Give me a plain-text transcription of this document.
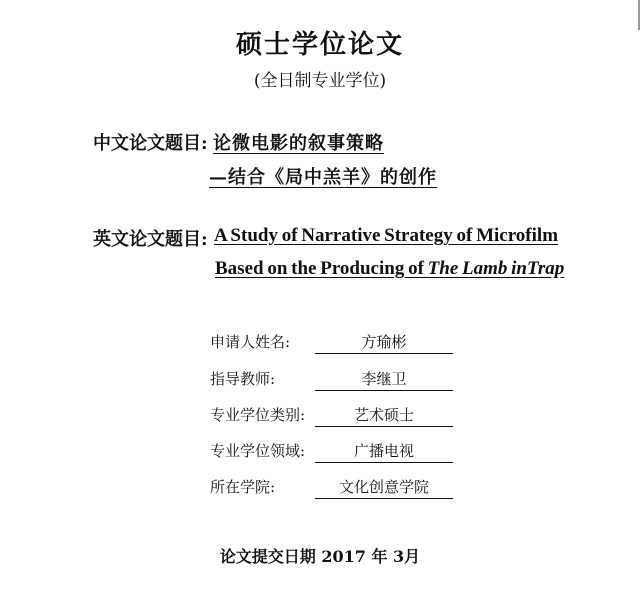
硕士学位论文
(全日制专业学位)
中文论文题目: 论微电影的叙事策略
—结合《局中羔羊》的创作
英文论文题目: A Study of Narrative Strategy of Microfilm
Based on the Producing of The Lamb inTrap
申请人姓名:	方瑜彬
指导教师:	李继卫
专业学位类别:	艺术硕士
专业学位领域:	广播电视
所在学院:	文化创意学院
论文提交日期 2017 年 3月
